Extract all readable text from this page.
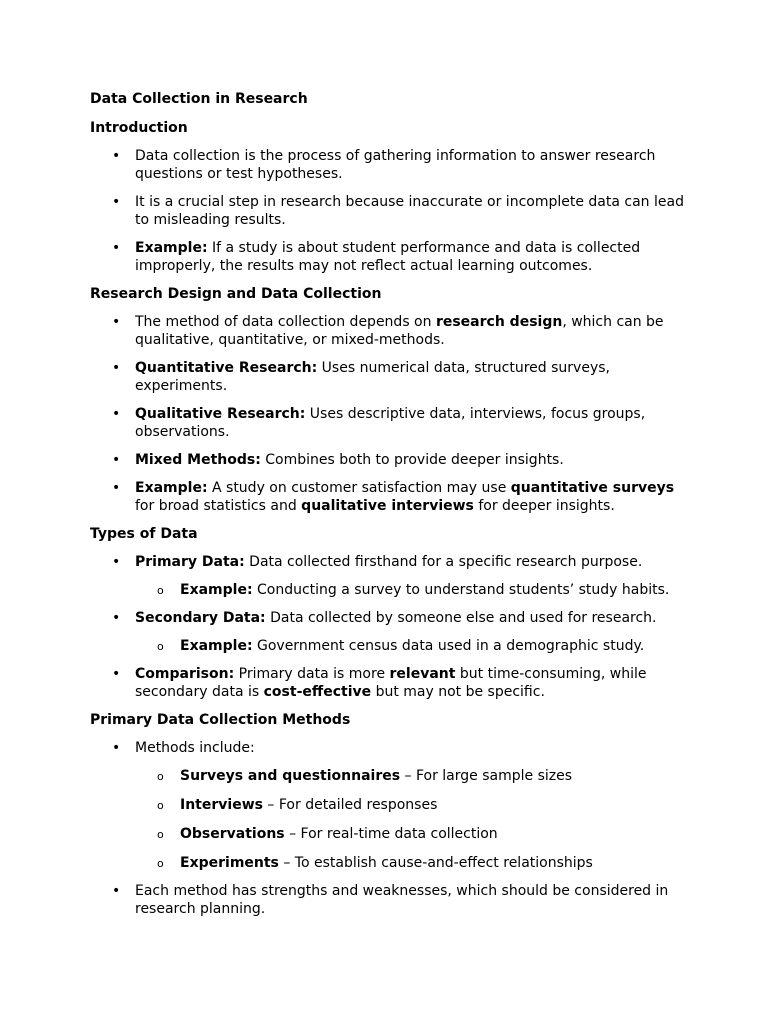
Data Collection in Research
Introduction
• Data collection is the process of gathering information to answer research questions or test hypotheses.
• It is a crucial step in research because inaccurate or incomplete data can lead to misleading results.
• Example: If a study is about student performance and data is collected improperly, the results may not reflect actual learning outcomes.
Research Design and Data Collection
• The method of data collection depends on research design, which can be qualitative, quantitative, or mixed-methods.
• Quantitative Research: Uses numerical data, structured surveys, experiments.
• Qualitative Research: Uses descriptive data, interviews, focus groups, observations.
• Mixed Methods: Combines both to provide deeper insights.
• Example: A study on customer satisfaction may use quantitative surveys for broad statistics and qualitative interviews for deeper insights.
Types of Data
• Primary Data: Data collected firsthand for a specific research purpose.
o Example: Conducting a survey to understand students’ study habits.
• Secondary Data: Data collected by someone else and used for research.
o Example: Government census data used in a demographic study.
• Comparison: Primary data is more relevant but time-consuming, while secondary data is cost-effective but may not be specific.
Primary Data Collection Methods
• Methods include:
o Surveys and questionnaires – For large sample sizes
o Interviews – For detailed responses
o Observations – For real-time data collection
o Experiments – To establish cause-and-effect relationships
• Each method has strengths and weaknesses, which should be considered in research planning.
